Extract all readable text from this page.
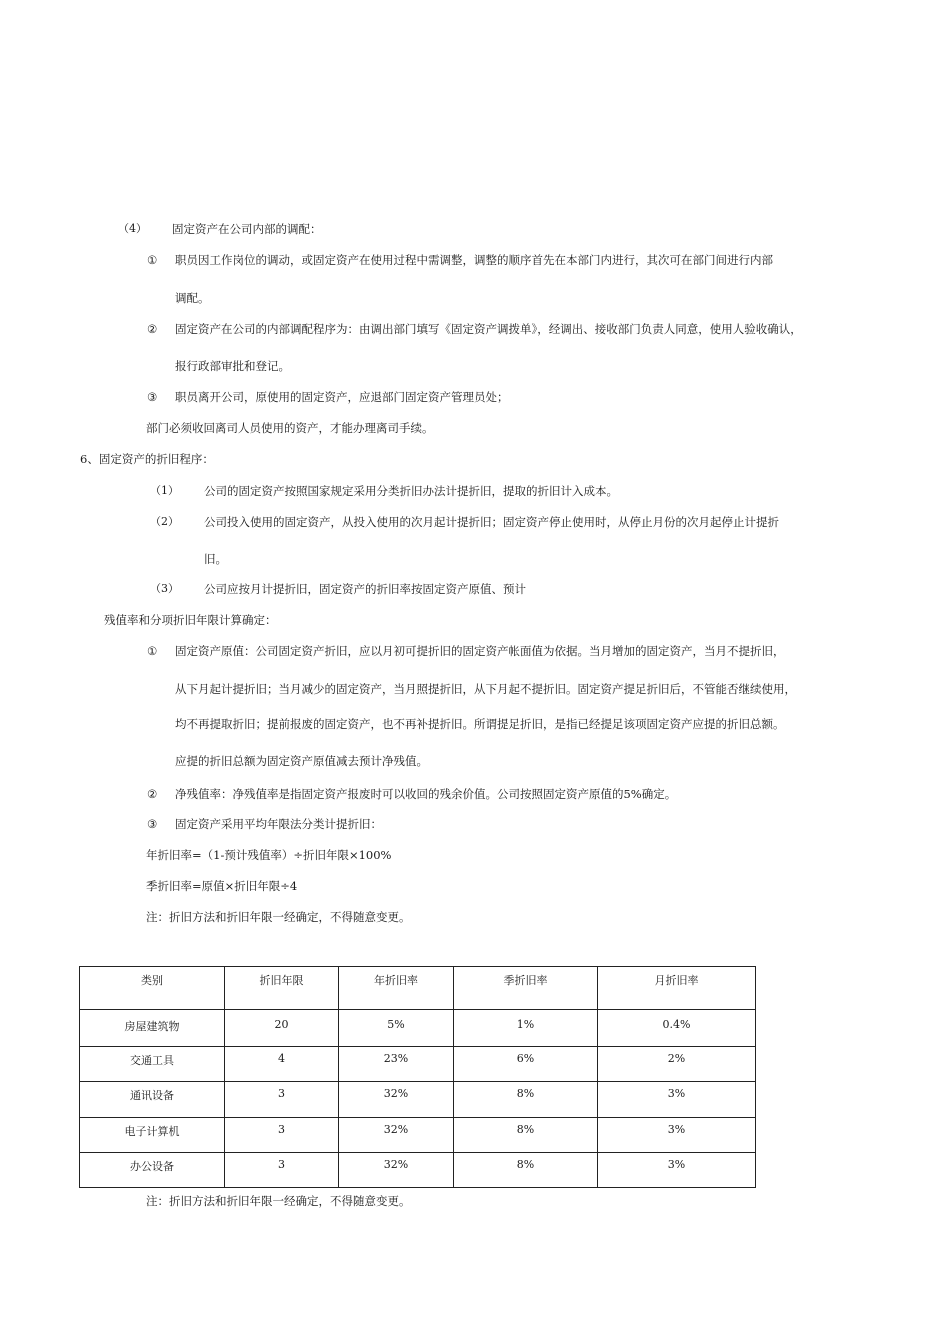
（4） 固定资产在公司内部的调配：
① 职员因工作岗位的调动，或固定资产在使用过程中需调整，调整的顺序首先在本部门内进行，其次可在部门间进行内部
调配。
② 固定资产在公司的内部调配程序为：由调出部门填写《固定资产调拨单》，经调出、接收部门负责人同意，使用人验收确认，
报行政部审批和登记。
③ 职员离开公司，原使用的固定资产，应退部门固定资产管理员处；
部门必须收回离司人员使用的资产，才能办理离司手续。
6、固定资产的折旧程序：
（1） 公司的固定资产按照国家规定采用分类折旧办法计提折旧，提取的折旧计入成本。
（2） 公司投入使用的固定资产，从投入使用的次月起计提折旧；固定资产停止使用时，从停止月份的次月起停止计提折
旧。
（3） 公司应按月计提折旧，固定资产的折旧率按固定资产原值、预计
残值率和分项折旧年限计算确定：
① 固定资产原值：公司固定资产折旧，应以月初可提折旧的固定资产帐面值为依据。当月增加的固定资产，当月不提折旧，
从下月起计提折旧；当月减少的固定资产，当月照提折旧，从下月起不提折旧。固定资产提足折旧后，不管能否继续使用，
均不再提取折旧；提前报废的固定资产，也不再补提折旧。所谓提足折旧，是指已经提足该项固定资产应提的折旧总额。
应提的折旧总额为固定资产原值减去预计净残值。
② 净残值率：净残值率是指固定资产报废时可以收回的残余价值。公司按照固定资产原值的5%确定。
③ 固定资产采用平均年限法分类计提折旧：
年折旧率=（1-预计残值率）÷折旧年限×100%
季折旧率=原值×折旧年限÷4
注：折旧方法和折旧年限一经确定，不得随意变更。
类别	折旧年限	年折旧率	季折旧率	月折旧率
房屋建筑物	20	5%	1%	0.4%
交通工具	4	23%	6%	2%
通讯设备	3	32%	8%	3%
电子计算机	3	32%	8%	3%
办公设备	3	32%	8%	3%
注：折旧方法和折旧年限一经确定，不得随意变更。
